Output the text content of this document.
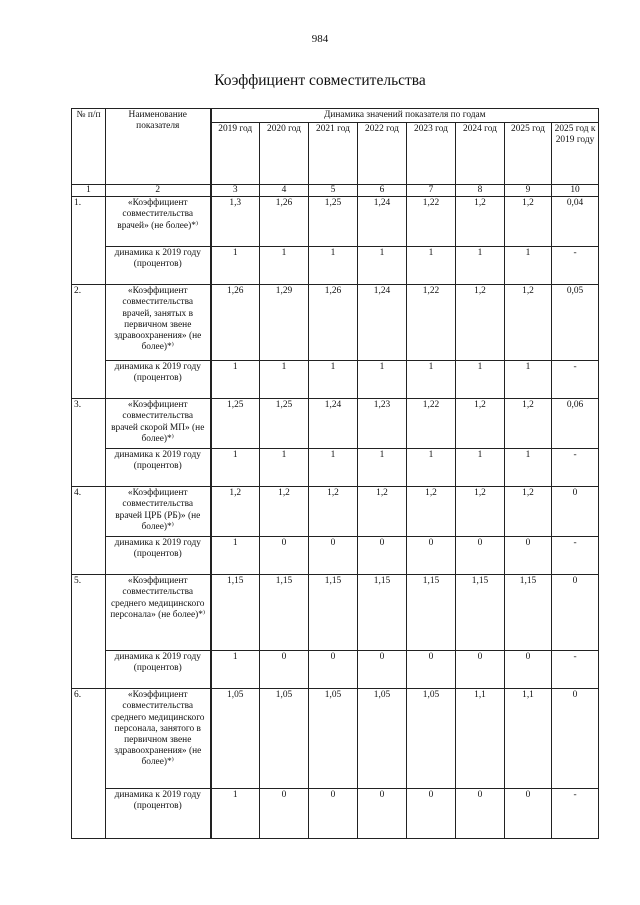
984
Коэффициент совместительства
№ п/п	Наименование показателя	Динамика значений показателя по годам							
		2019 год	2020 год	2021 год	2022 год	2023 год	2024 год	2025 год	2025 год к 2019 году
1	2	3	4	5	6	7	8	9	10
1.	«Коэффициент совместительства врачей» (не более)*⁾	1,3	1,26	1,25	1,24	1,22	1,2	1,2	0,04
	динамика к 2019 году (процентов)	1	1	1	1	1	1	1	-
2.	«Коэффициент совместительства врачей, занятых в первичном звене здравоохранения» (не более)*⁾	1,26	1,29	1,26	1,24	1,22	1,2	1,2	0,05
	динамика к 2019 году (процентов)	1	1	1	1	1	1	1	-
3.	«Коэффициент совместительства врачей скорой МП» (не более)*⁾	1,25	1,25	1,24	1,23	1,22	1,2	1,2	0,06
	динамика к 2019 году (процентов)	1	1	1	1	1	1	1	-
4.	«Коэффициент совместительства врачей ЦРБ (РБ)» (не более)*⁾	1,2	1,2	1,2	1,2	1,2	1,2	1,2	0
	динамика к 2019 году (процентов)	1	0	0	0	0	0	0	-
5.	«Коэффициент совместительства среднего медицинского персонала» (не более)*⁾	1,15	1,15	1,15	1,15	1,15	1,15	1,15	0
	динамика к 2019 году (процентов)	1	0	0	0	0	0	0	-
6.	«Коэффициент совместительства среднего медицинского персонала, занятого в первичном звене здравоохранения» (не более)*⁾	1,05	1,05	1,05	1,05	1,05	1,1	1,1	0
	динамика к 2019 году (процентов)	1	0	0	0	0	0	0	-
